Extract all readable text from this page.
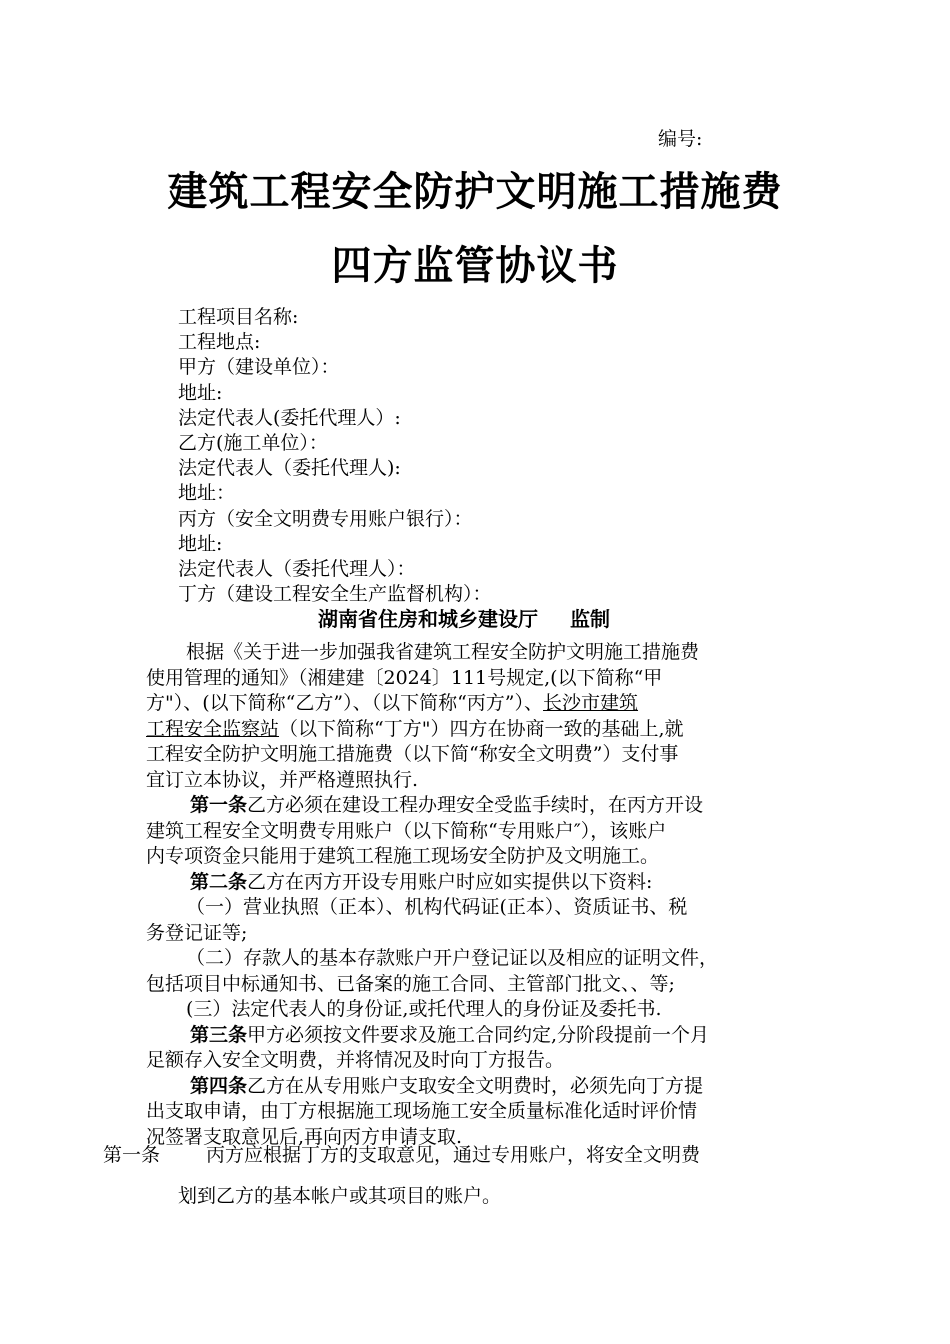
编号:
建筑工程安全防护文明施工措施费
四方监管协议书
工程项目名称:
工程地点:
甲方（建设单位）：
地址:
法定代表人(委托代理人）:
乙方(施工单位）：
法定代表人（委托代理人):
地址：
丙方（安全文明费专用账户银行）：
地址:
法定代表人（委托代理人）：
丁方（建设工程安全生产监督机构）：
湖南省住房和城乡建设厅 监制

根据《关于进一步加强我省建筑工程安全防护文明施工措施费

使用管理的通知》（湘建建〔2024〕111号规定,(以下简称“甲

方"）、(以下简称“乙方”）、（以下简称“丙方”）、长沙市建筑

工程安全监察站（以下简称“丁方"）四方在协商一致的基础上,就

工程安全防护文明施工措施费（以下简“称安全文明费”）支付事

宜订立本协议，并严格遵照执行.

第一条乙方必须在建设工程办理安全受监手续时，在丙方开设

建筑工程安全文明费专用账户（以下简称“专用账户″），该账户

内专项资金只能用于建筑工程施工现场安全防护及文明施工。

第二条乙方在丙方开设专用账户时应如实提供以下资料:

（一）营业执照（正本）、机构代码证(正本）、资质证书、税

务登记证等;

（二）存款人的基本存款账户开户登记证以及相应的证明文件，

包括项目中标通知书、已备案的施工合同、主管部门批文、、等;

(三）法定代表人的身份证,或托代理人的身份证及委托书.

第三条甲方必须按文件要求及施工合同约定,分阶段提前一个月

足额存入安全文明费，并将情况及时向丁方报告。

第四条乙方在从专用账户支取安全文明费时，必须先向丁方提

出支取申请，由丁方根据施工现场施工安全质量标准化适时评价情

况签署支取意见后,再向丙方申请支取.

第一条 丙方应根据丁方的支取意见，通过专用账户，将安全文明费
划到乙方的基本帐户或其项目的账户。
